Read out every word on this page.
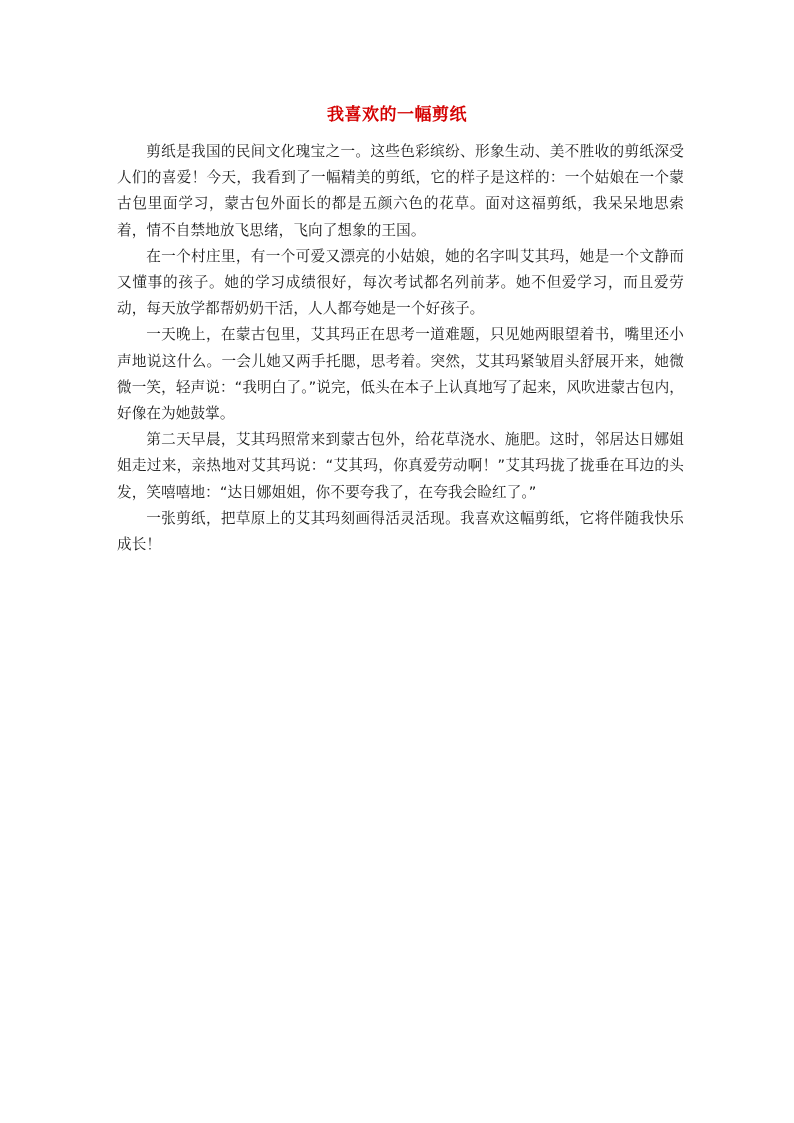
我喜欢的一幅剪纸

剪纸是我国的民间文化瑰宝之一。这些色彩缤纷、形象生动、美不胜收的剪纸深受人们的喜爱！今天，我看到了一幅精美的剪纸，它的样子是这样的：一个姑娘在一个蒙古包里面学习，蒙古包外面长的都是五颜六色的花草。面对这福剪纸，我呆呆地思索着，情不自禁地放飞思绪，飞向了想象的王国。

在一个村庄里，有一个可爱又漂亮的小姑娘，她的名字叫艾其玛，她是一个文静而又懂事的孩子。她的学习成绩很好，每次考试都名列前茅。她不但爱学习，而且爱劳动，每天放学都帮奶奶干活，人人都夸她是一个好孩子。

一天晚上，在蒙古包里，艾其玛正在思考一道难题，只见她两眼望着书，嘴里还小声地说这什么。一会儿她又两手托腮，思考着。突然，艾其玛紧皱眉头舒展开来，她微微一笑，轻声说：“我明白了。”说完，低头在本子上认真地写了起来，风吹进蒙古包内，好像在为她鼓掌。

第二天早晨，艾其玛照常来到蒙古包外，给花草浇水、施肥。这时，邻居达日娜姐姐走过来，亲热地对艾其玛说：“艾其玛，你真爱劳动啊！”艾其玛拢了拢垂在耳边的头发，笑嘻嘻地：“达日娜姐姐，你不要夸我了，在夸我会睑红了。”

一张剪纸，把草原上的艾其玛刻画得活灵活现。我喜欢这幅剪纸，它将伴随我快乐成长！
